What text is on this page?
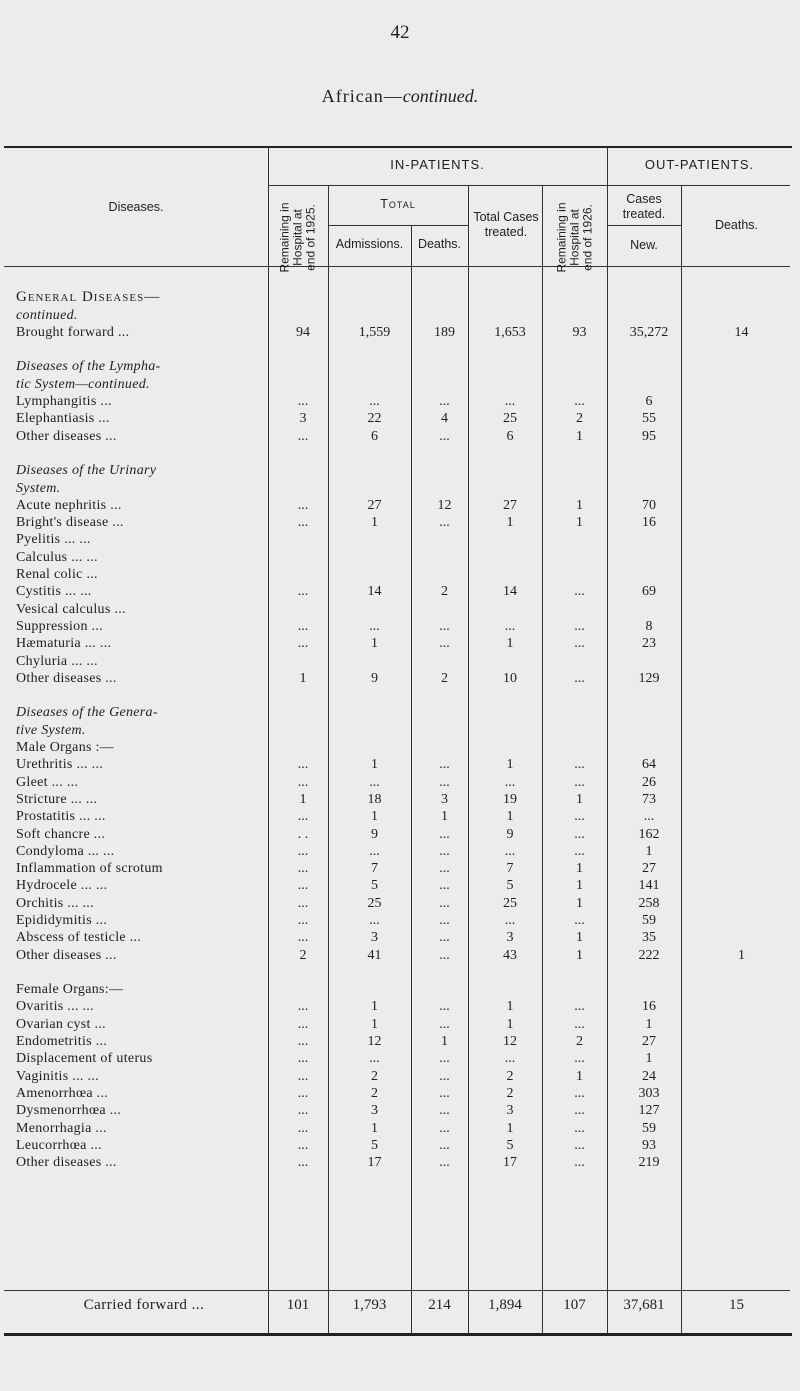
42
African—continued.
Diseases.
IN-PATIENTS.	OUT-PATIENTS.
Remaining in Hospital at end of 1925.
Total
Admissions.	Deaths.
Total Cases treated.	Remaining in Hospital at end of 1926.
Cases treated.
New.
Deaths.

General Diseases—							
continued.							
Brought forward ...	94	1,559	189	1,653	93	35,272	14

Diseases of the Lympha-							
tic System—continued.							
Lymphangitis ...	...	...	...	...	...	6	
Elephantiasis ...	3	22	4	25	2	55	
Other diseases ...	...	6	...	6	1	95	

Diseases of the Urinary							
System.							
Acute nephritis ...	...	27	12	27	1	70	
Bright's disease ...	...	1	...	1	1	16	
Pyelitis ... ...							
Calculus ... ...							
Renal colic ...							
Cystitis ... ...	...	14	2	14	...	69	
Vesical calculus ...							
Suppression ...	...	...	...	...	...	8	
Hæmaturia ... ...	...	1	...	1	...	23	
Chyluria ... ...							
Other diseases ...	1	9	2	10	...	129	

Diseases of the Genera-							
tive System.							
Male Organs :—							
Urethritis ... ...	...	1	...	1	...	64	
Gleet ... ...	...	...	...	...	...	26	
Stricture ... ...	1	18	3	19	1	73	
Prostatitis ... ...	...	1	1	1	...	...	
Soft chancre ...	. .	9	...	9	...	162	
Condyloma ... ...	...	...	...	...	...	1	
Inflammation of scrotum	...	7	...	7	1	27	
Hydrocele ... ...	...	5	...	5	1	141	
Orchitis ... ...	...	25	...	25	1	258	
Epididymitis ...	...	...	...	...	...	59	
Abscess of testicle ...	...	3	...	3	1	35	
Other diseases ...	2	41	...	43	1	222	1

Female Organs:—							
Ovaritis ... ...	...	1	...	1	...	16	
Ovarian cyst ...	...	1	...	1	...	1	
Endometritis ...	...	12	1	12	2	27	
Displacement of uterus	...	...	...	...	...	1	
Vaginitis ... ...	...	2	...	2	1	24	
Amenorrhœa ...	...	2	...	2	...	303	
Dysmenorrhœa ...	...	3	...	3	...	127	
Menorrhagia ...	...	1	...	1	...	59	
Leucorrhœa ...	...	5	...	5	...	93	
Other diseases ...	...	17	...	17	...	219	
Carried forward ...	101	1,793	214	1,894	107	37,681	15
